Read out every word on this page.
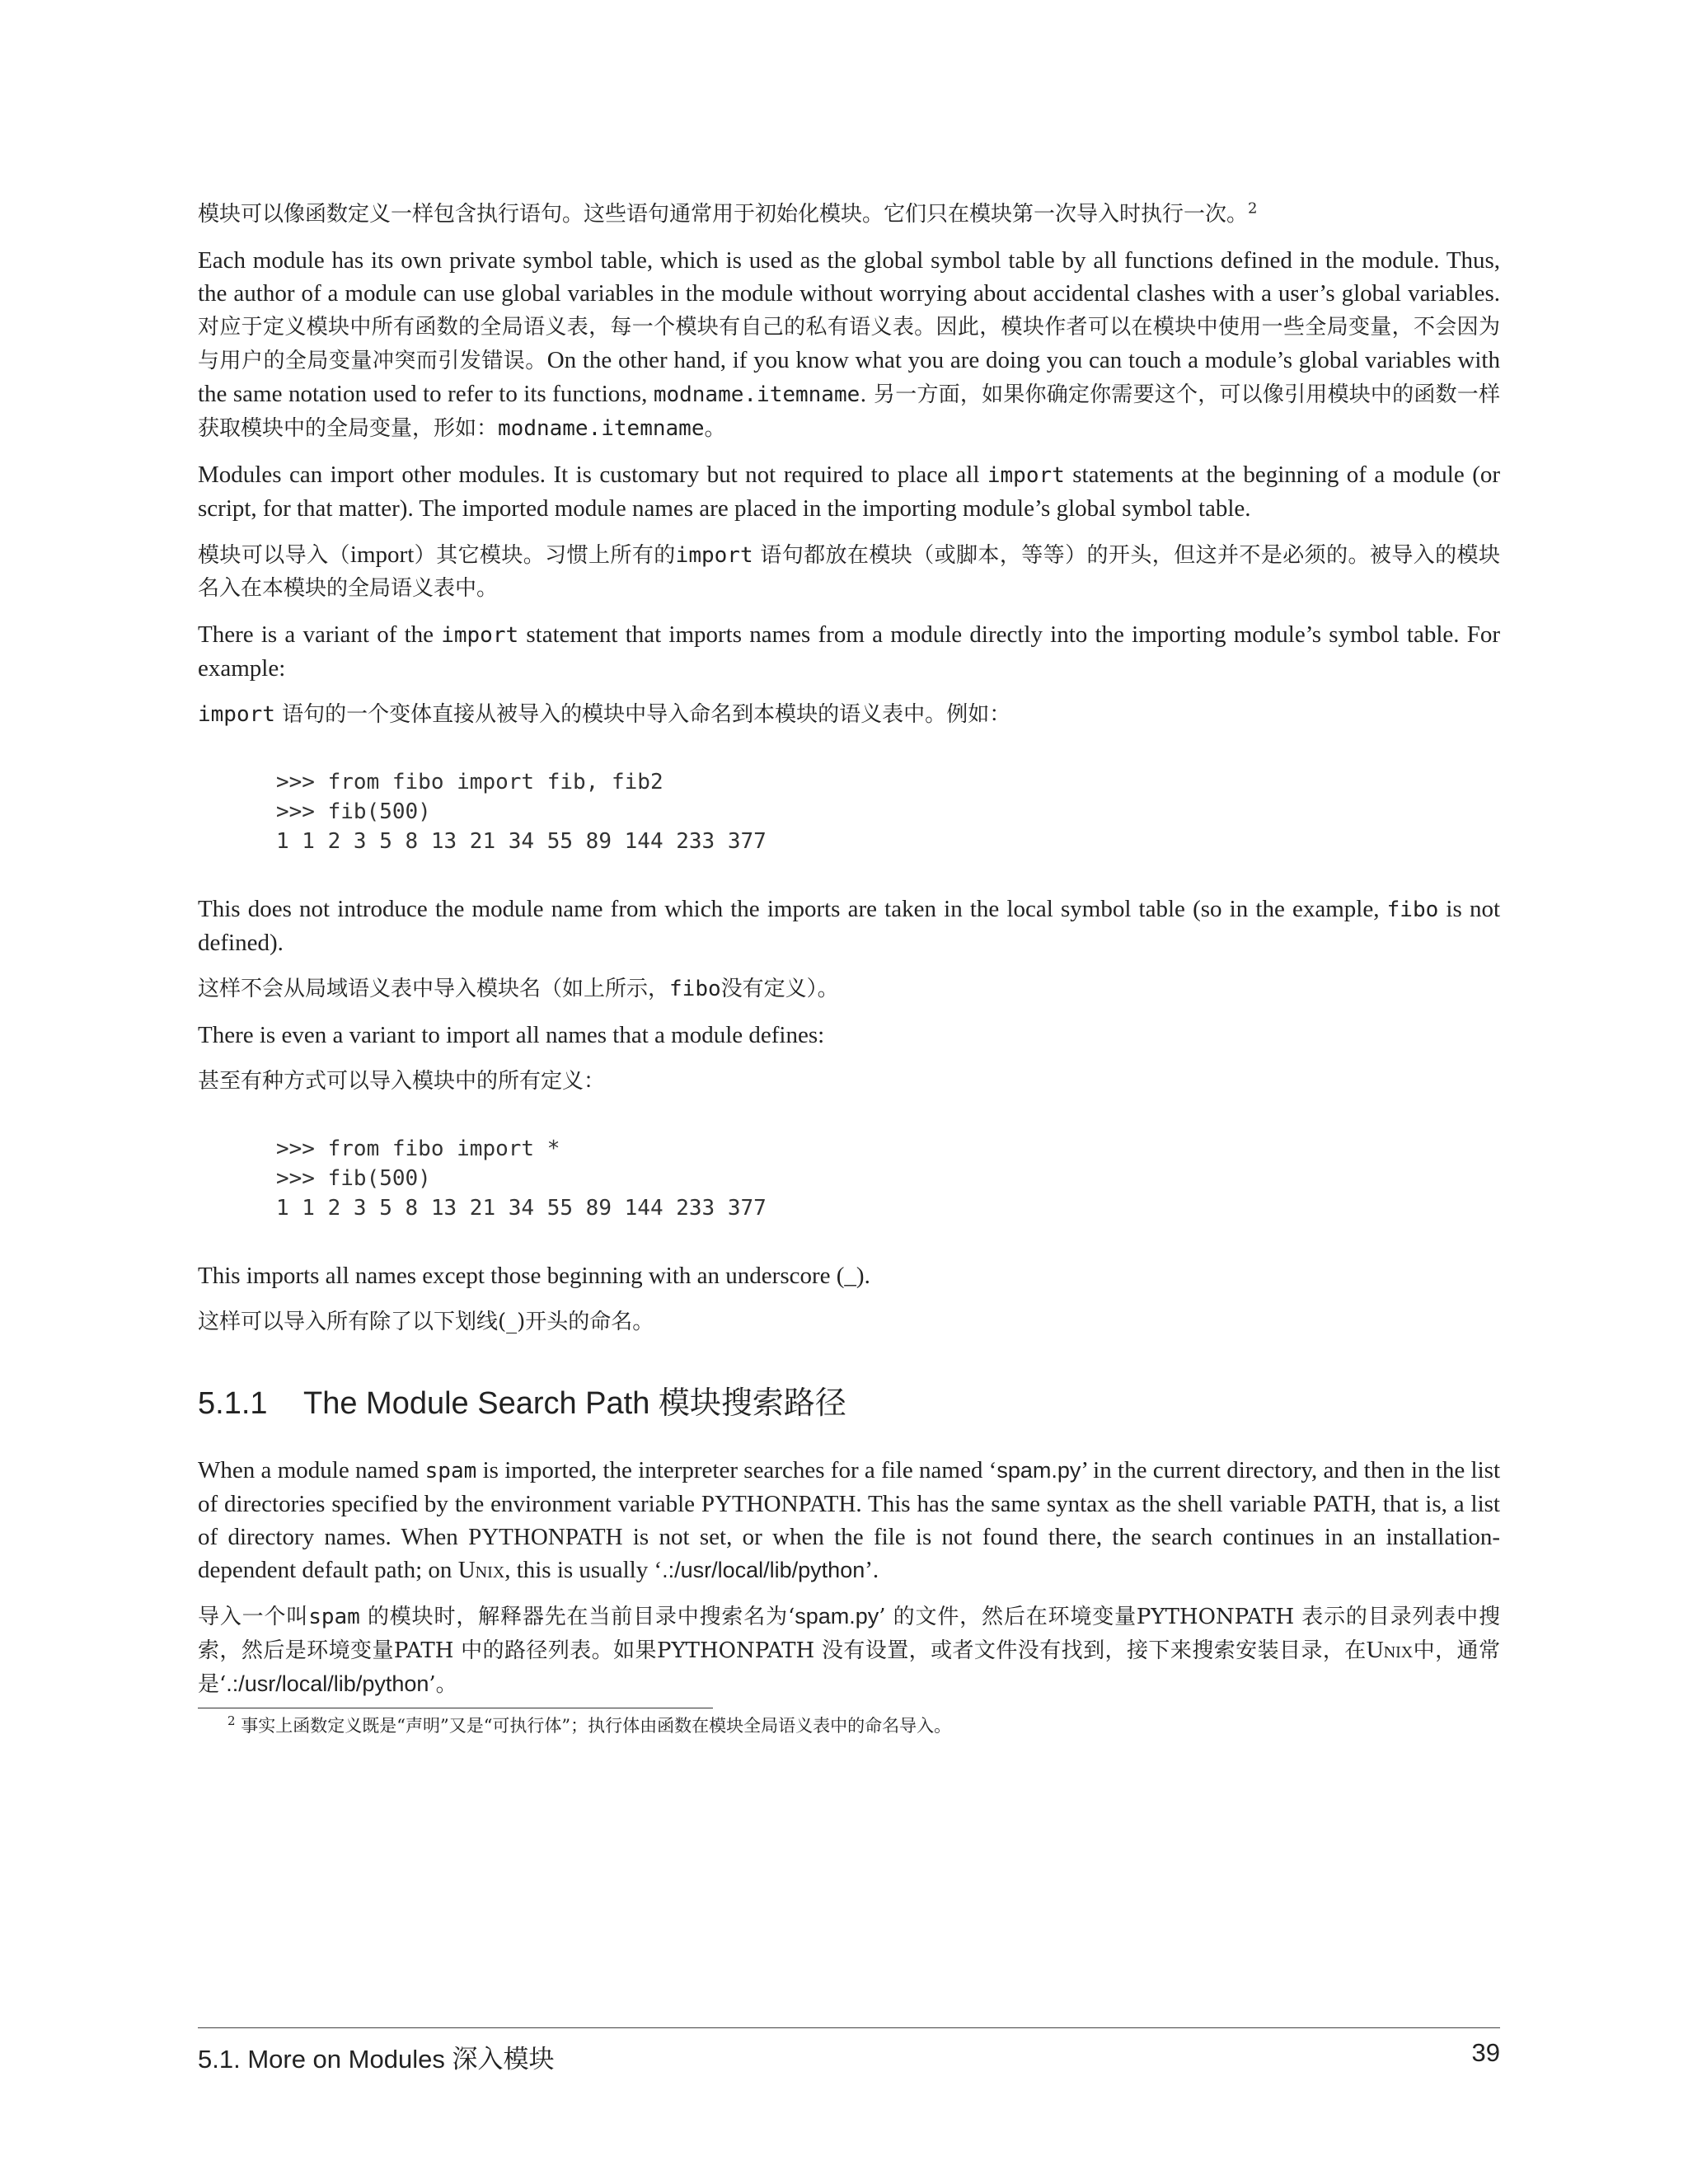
模块可以像函数定义一样包含执行语句。这些语句通常用于初始化模块。它们只在模块第一次导入时执行一次。$^2$

Each module has its own private symbol table, which is used as the global symbol table by all functions defined in the module. Thus, the author of a module can use global variables in the module without worrying about accidental clashes with a user’s global variables. 对应于定义模块中所有函数的全局语义表，每一个模块有自己的私有语义表。因此，模块作者可以在模块中使用一些全局变量，不会因为与用户的全局变量冲突而引发错误。On the other hand, if you know what you are doing you can touch a module’s global variables with the same notation used to refer to its functions, modname.itemname. 另一方面，如果你确定你需要这个，可以像引用模块中的函数一样获取模块中的全局变量，形如：modname.itemname。

Modules can import other modules. It is customary but not required to place all import statements at the beginning of a module (or script, for that matter). The imported module names are placed in the importing module’s global symbol table.

模块可以导入（import）其它模块。习惯上所有的import 语句都放在模块（或脚本，等等）的开头，但这并不是必须的。被导入的模块名入在本模块的全局语义表中。

There is a variant of the import statement that imports names from a module directly into the importing module’s symbol table. For example:

import 语句的一个变体直接从被导入的模块中导入命名到本模块的语义表中。例如：

>>> from fibo import fib, fib2
>>> fib(500)
1 1 2 3 5 8 13 21 34 55 89 144 233 377

This does not introduce the module name from which the imports are taken in the local symbol table (so in the example, fibo is not defined).

这样不会从局域语义表中导入模块名（如上所示，fibo没有定义）。

There is even a variant to import all names that a module defines:

甚至有种方式可以导入模块中的所有定义：

>>> from fibo import *
>>> fib(500)
1 1 2 3 5 8 13 21 34 55 89 144 233 377

This imports all names except those beginning with an underscore (_).

这样可以导入所有除了以下划线(_)开头的命名。

5.1.1 The Module Search Path 模块搜索路径

When a module named spam is imported, the interpreter searches for a file named ‘spam.py’ in the current directory, and then in the list of directories specified by the environment variable PYTHONPATH. This has the same syntax as the shell variable PATH, that is, a list of directory names. When PYTHONPATH is not set, or when the file is not found there, the search continues in an installation-dependent default path; on Unix, this is usually ‘.:/usr/local/lib/python’.

导入一个叫spam 的模块时，解释器先在当前目录中搜索名为‘spam.py’ 的文件，然后在环境变量PYTHONPATH 表示的目录列表中搜索，然后是环境变量PATH 中的路径列表。如果PYTHONPATH 没有设置，或者文件没有找到，接下来搜索安装目录，在Unix中，通常是‘.:/usr/local/lib/python’。

$^2$ 事实上函数定义既是“声明”又是“可执行体”；执行体由函数在模块全局语义表中的命名导入。

5.1. More on Modules 深入模块	39
